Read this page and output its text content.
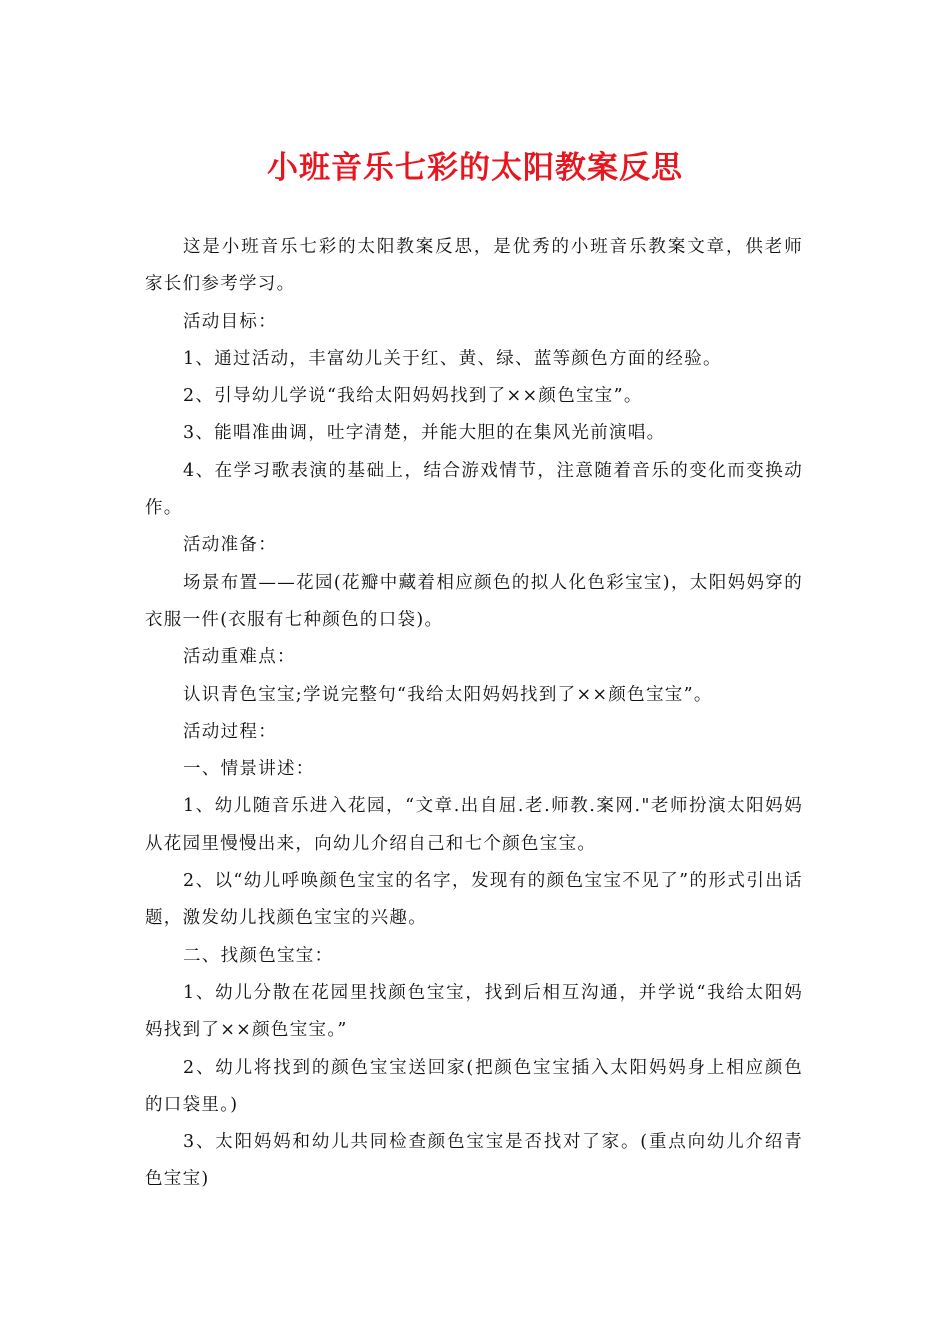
小班音乐七彩的太阳教案反思

这是小班音乐七彩的太阳教案反思，是优秀的小班音乐教案文章，供老师家长们参考学习。

活动目标：

1、通过活动，丰富幼儿关于红、黄、绿、蓝等颜色方面的经验。

2、引导幼儿学说“我给太阳妈妈找到了××颜色宝宝”。

3、能唱准曲调，吐字清楚，并能大胆的在集风光前演唱。

4、在学习歌表演的基础上，结合游戏情节，注意随着音乐的变化而变换动作。

活动准备：

场景布置——花园(花瓣中藏着相应颜色的拟人化色彩宝宝)，太阳妈妈穿的衣服一件(衣服有七种颜色的口袋)。

活动重难点：

认识青色宝宝;学说完整句“我给太阳妈妈找到了××颜色宝宝”。

活动过程：

一、情景讲述：

1、幼儿随音乐进入花园，“文章.出自屈.老.师教.案网."老师扮演太阳妈妈从花园里慢慢出来，向幼儿介绍自己和七个颜色宝宝。

2、以“幼儿呼唤颜色宝宝的名字，发现有的颜色宝宝不见了”的形式引出话题，激发幼儿找颜色宝宝的兴趣。

二、找颜色宝宝：

1、幼儿分散在花园里找颜色宝宝，找到后相互沟通，并学说“我给太阳妈妈找到了××颜色宝宝。”

2、幼儿将找到的颜色宝宝送回家(把颜色宝宝插入太阳妈妈身上相应颜色的口袋里。)

3、太阳妈妈和幼儿共同检查颜色宝宝是否找对了家。(重点向幼儿介绍青色宝宝)
